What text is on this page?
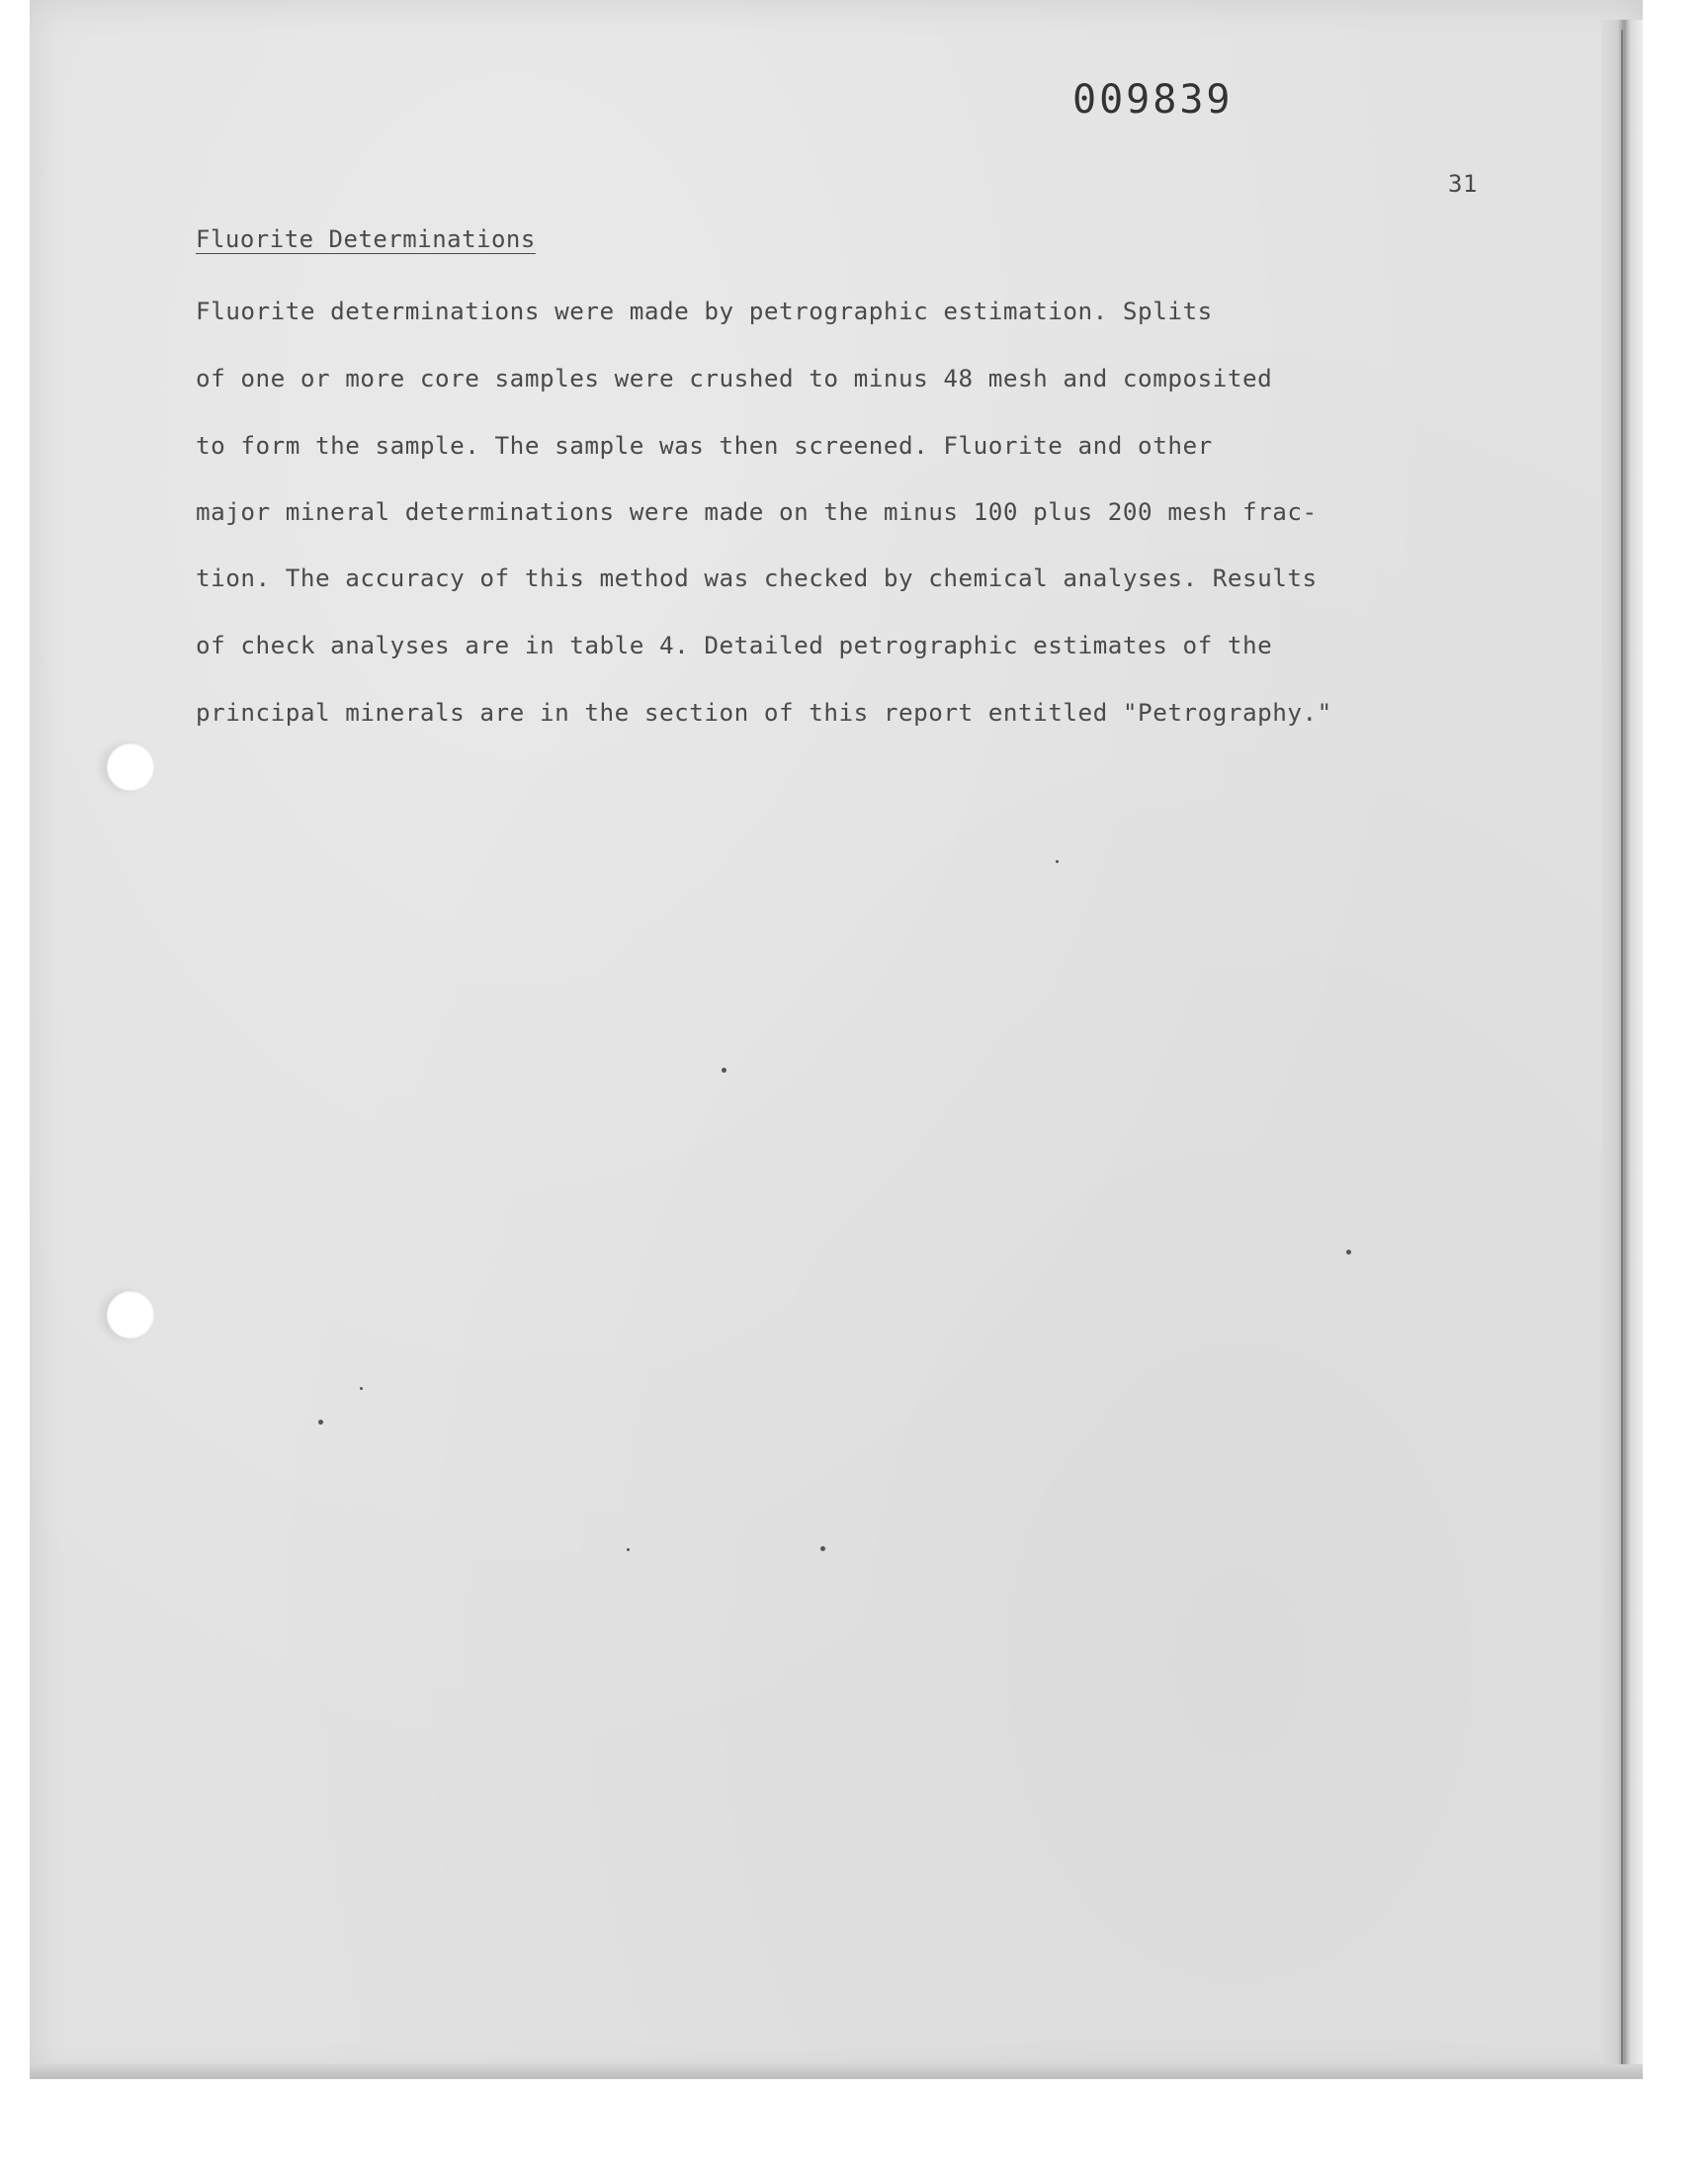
009839
31
Fluorite Determinations
Fluorite determinations were made by petrographic estimation. Splits
of one or more core samples were crushed to minus 48 mesh and composited
to form the sample. The sample was then screened. Fluorite and other
major mineral determinations were made on the minus 100 plus 200 mesh frac-
tion. The accuracy of this method was checked by chemical analyses. Results
of check analyses are in table 4. Detailed petrographic estimates of the
principal minerals are in the section of this report entitled "Petrography."
